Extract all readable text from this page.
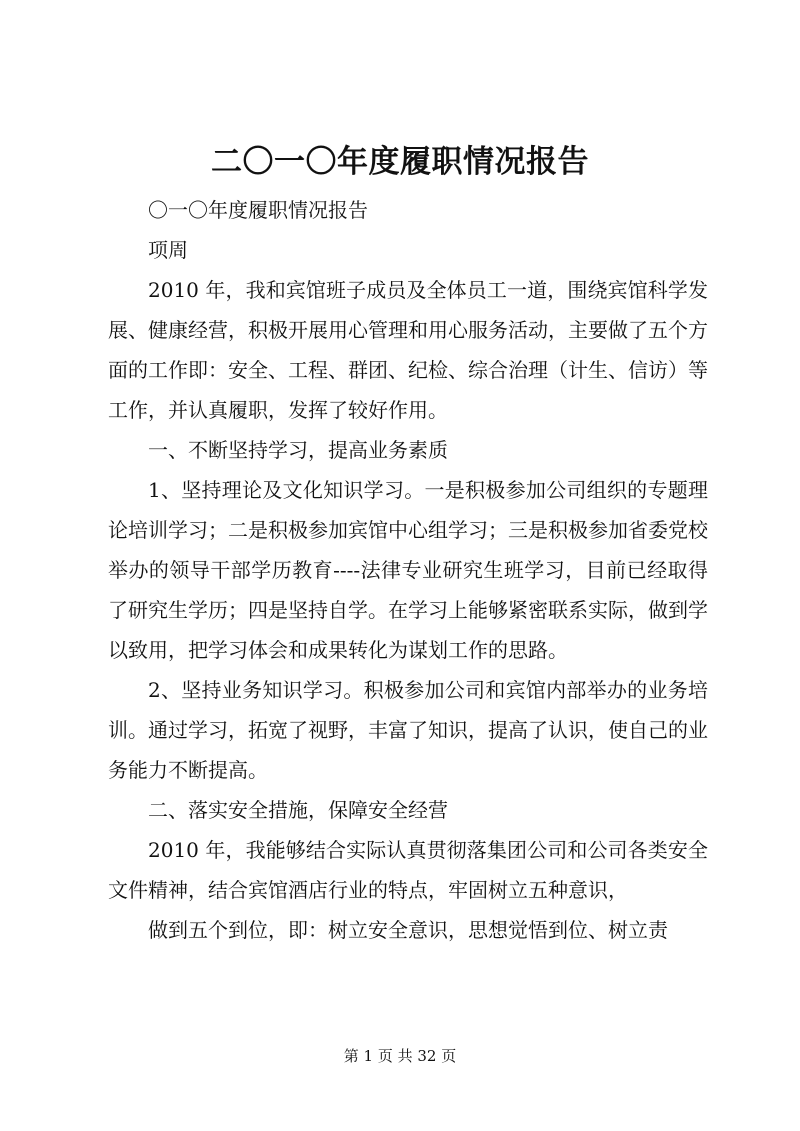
二〇一〇年度履职情况报告

〇一〇年度履职情况报告

项周

2010 年，我和宾馆班子成员及全体员工一道，围绕宾馆科学发展、健康经营，积极开展用心管理和用心服务活动，主要做了五个方面的工作即：安全、工程、群团、纪检、综合治理（计生、信访）等工作，并认真履职，发挥了较好作用。

一、不断坚持学习，提高业务素质

1、坚持理论及文化知识学习。一是积极参加公司组织的专题理论培训学习；二是积极参加宾馆中心组学习；三是积极参加省委党校举办的领导干部学历教育----法律专业研究生班学习，目前已经取得了研究生学历；四是坚持自学。在学习上能够紧密联系实际，做到学以致用，把学习体会和成果转化为谋划工作的思路。

2、坚持业务知识学习。积极参加公司和宾馆内部举办的业务培训。通过学习，拓宽了视野，丰富了知识，提高了认识，使自己的业务能力不断提高。

二、落实安全措施，保障安全经营

2010 年，我能够结合实际认真贯彻落集团公司和公司各类安全文件精神，结合宾馆酒店行业的特点，牢固树立五种意识，

做到五个到位，即：树立安全意识，思想觉悟到位、树立责

第 1 页 共 32 页
